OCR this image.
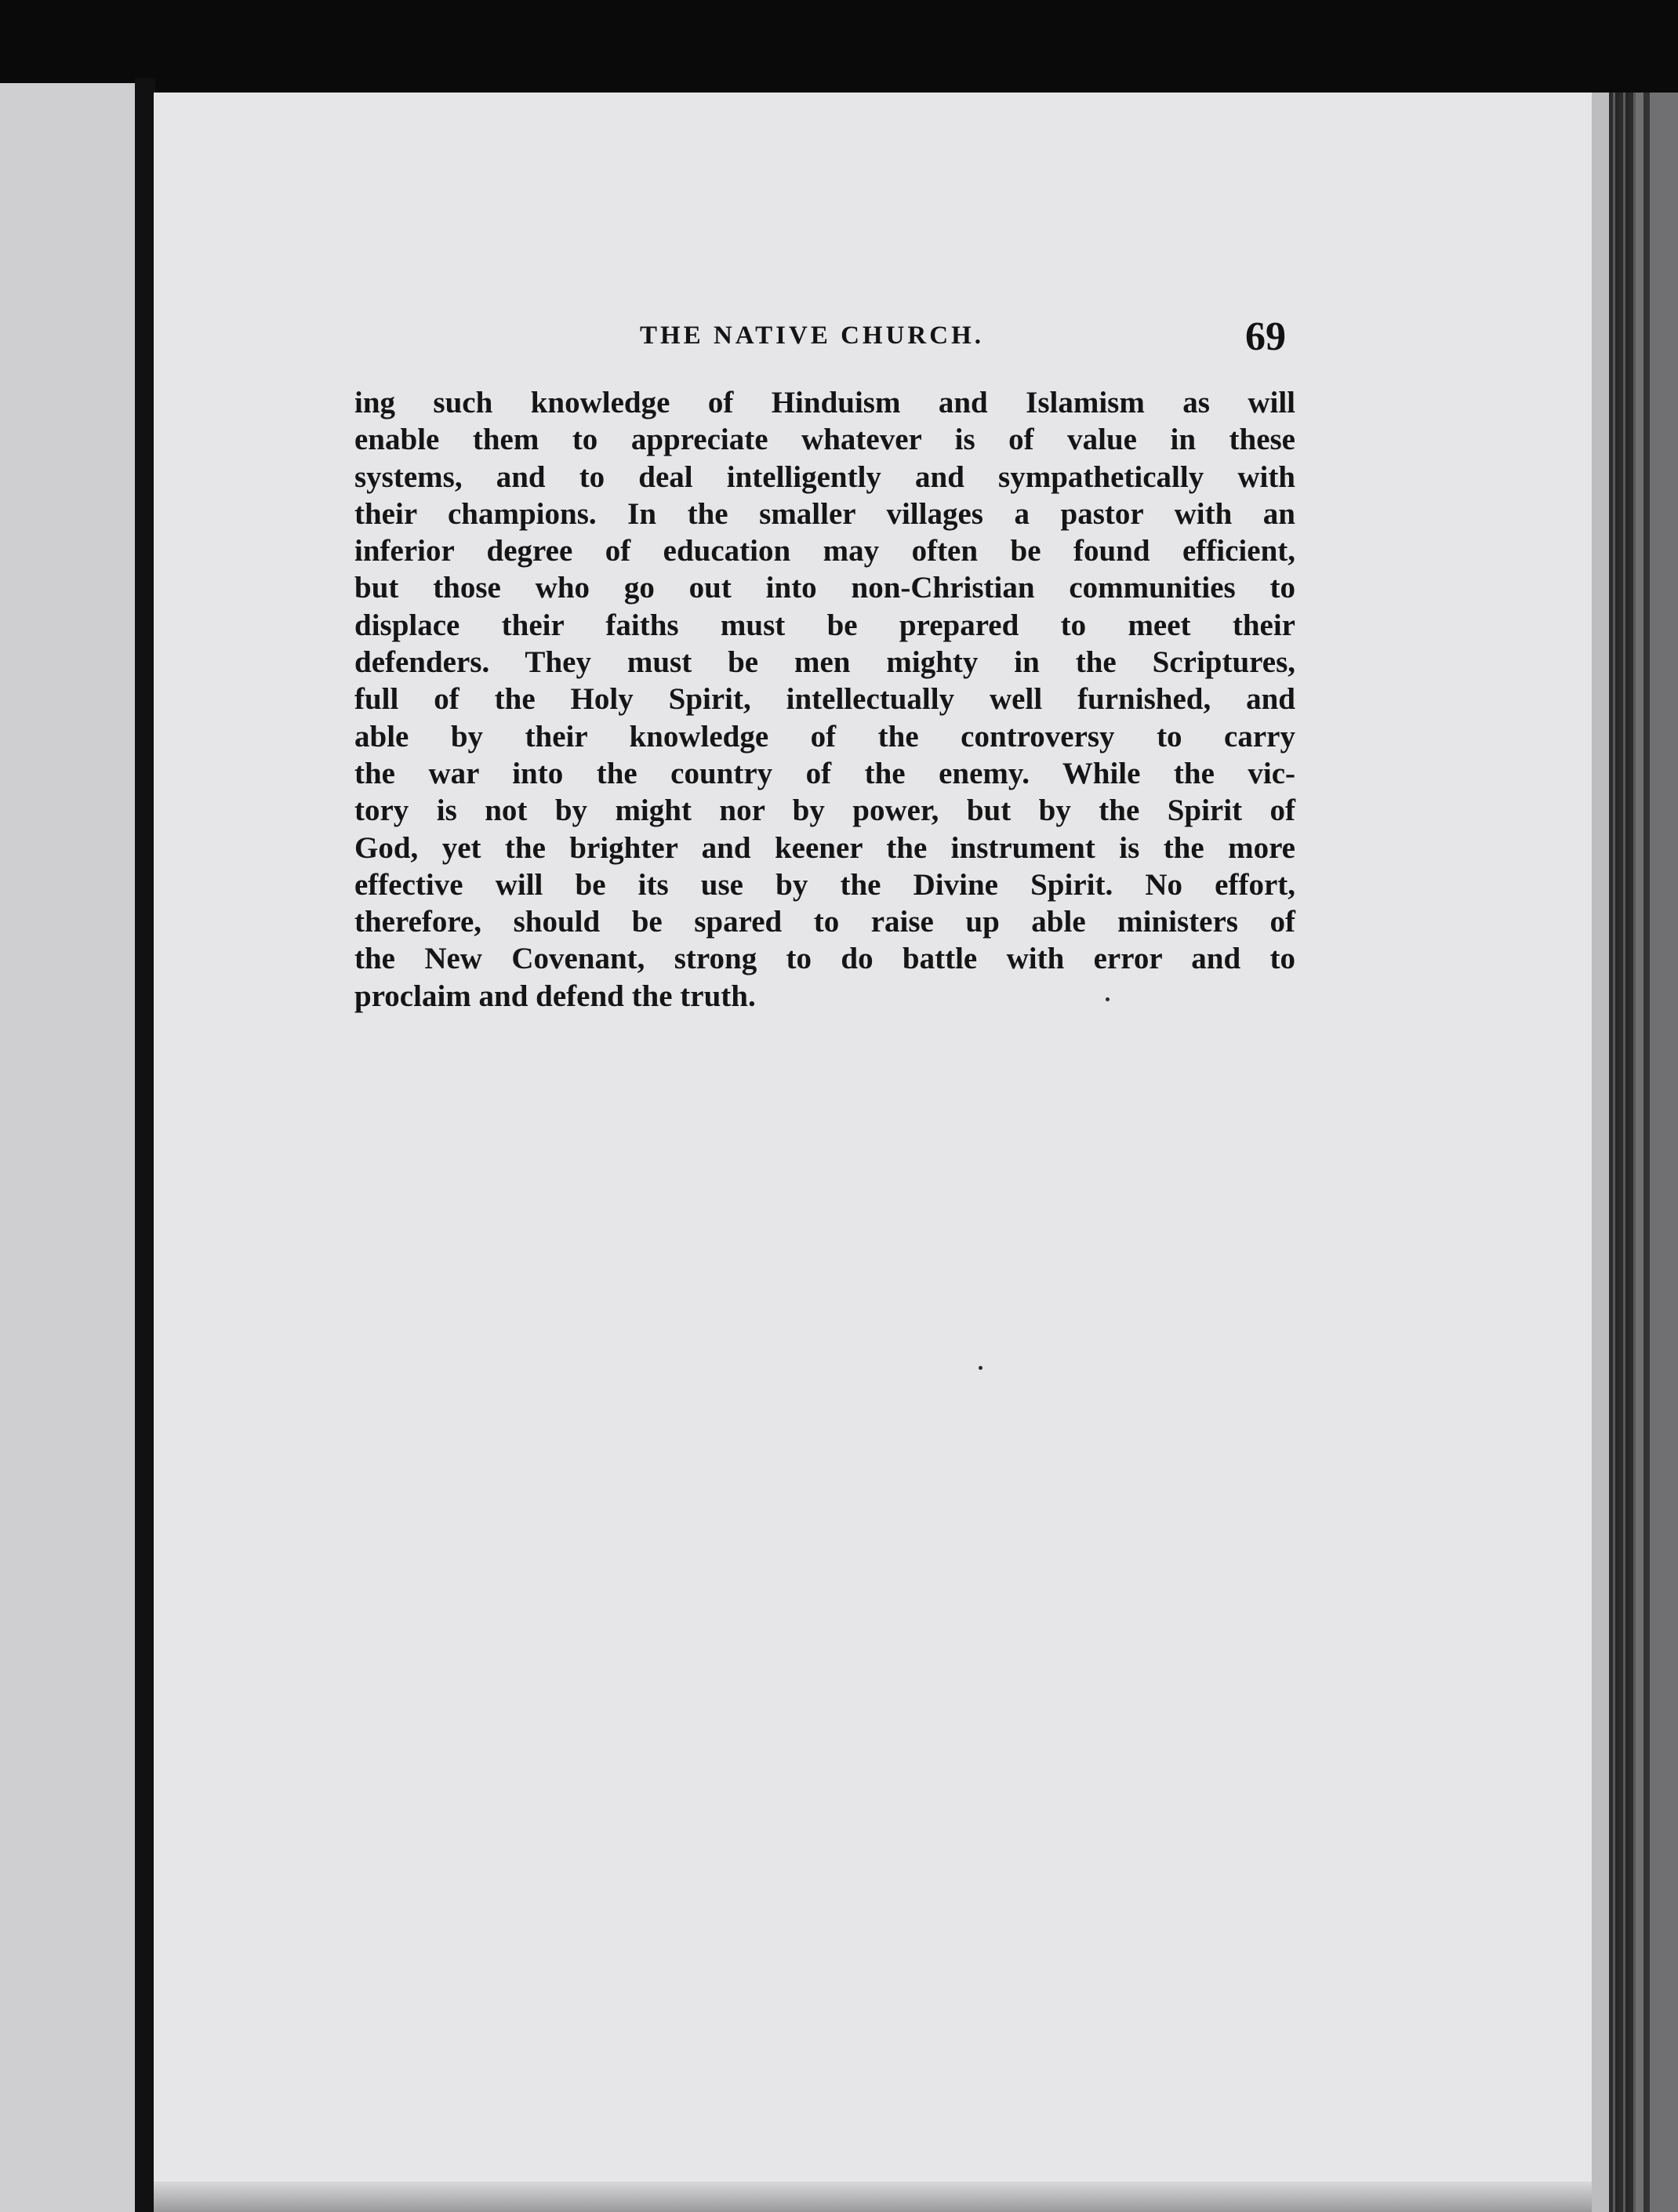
THE NATIVE CHURCH.	69
ing such knowledge of Hinduism and Islamism as will
enable them to appreciate whatever is of value in these
systems, and to deal intelligently and sympathetically with
their champions. In the smaller villages a pastor with an
inferior degree of education may often be found efficient,
but those who go out into non-Christian communities to
displace their faiths must be prepared to meet their
defenders. They must be men mighty in the Scriptures,
full of the Holy Spirit, intellectually well furnished, and
able by their knowledge of the controversy to carry
the war into the country of the enemy. While the vic-
tory is not by might nor by power, but by the Spirit of
God, yet the brighter and keener the instrument is the more
effective will be its use by the Divine Spirit. No effort,
therefore, should be spared to raise up able ministers of
the New Covenant, strong to do battle with error and to
proclaim and defend the truth.
